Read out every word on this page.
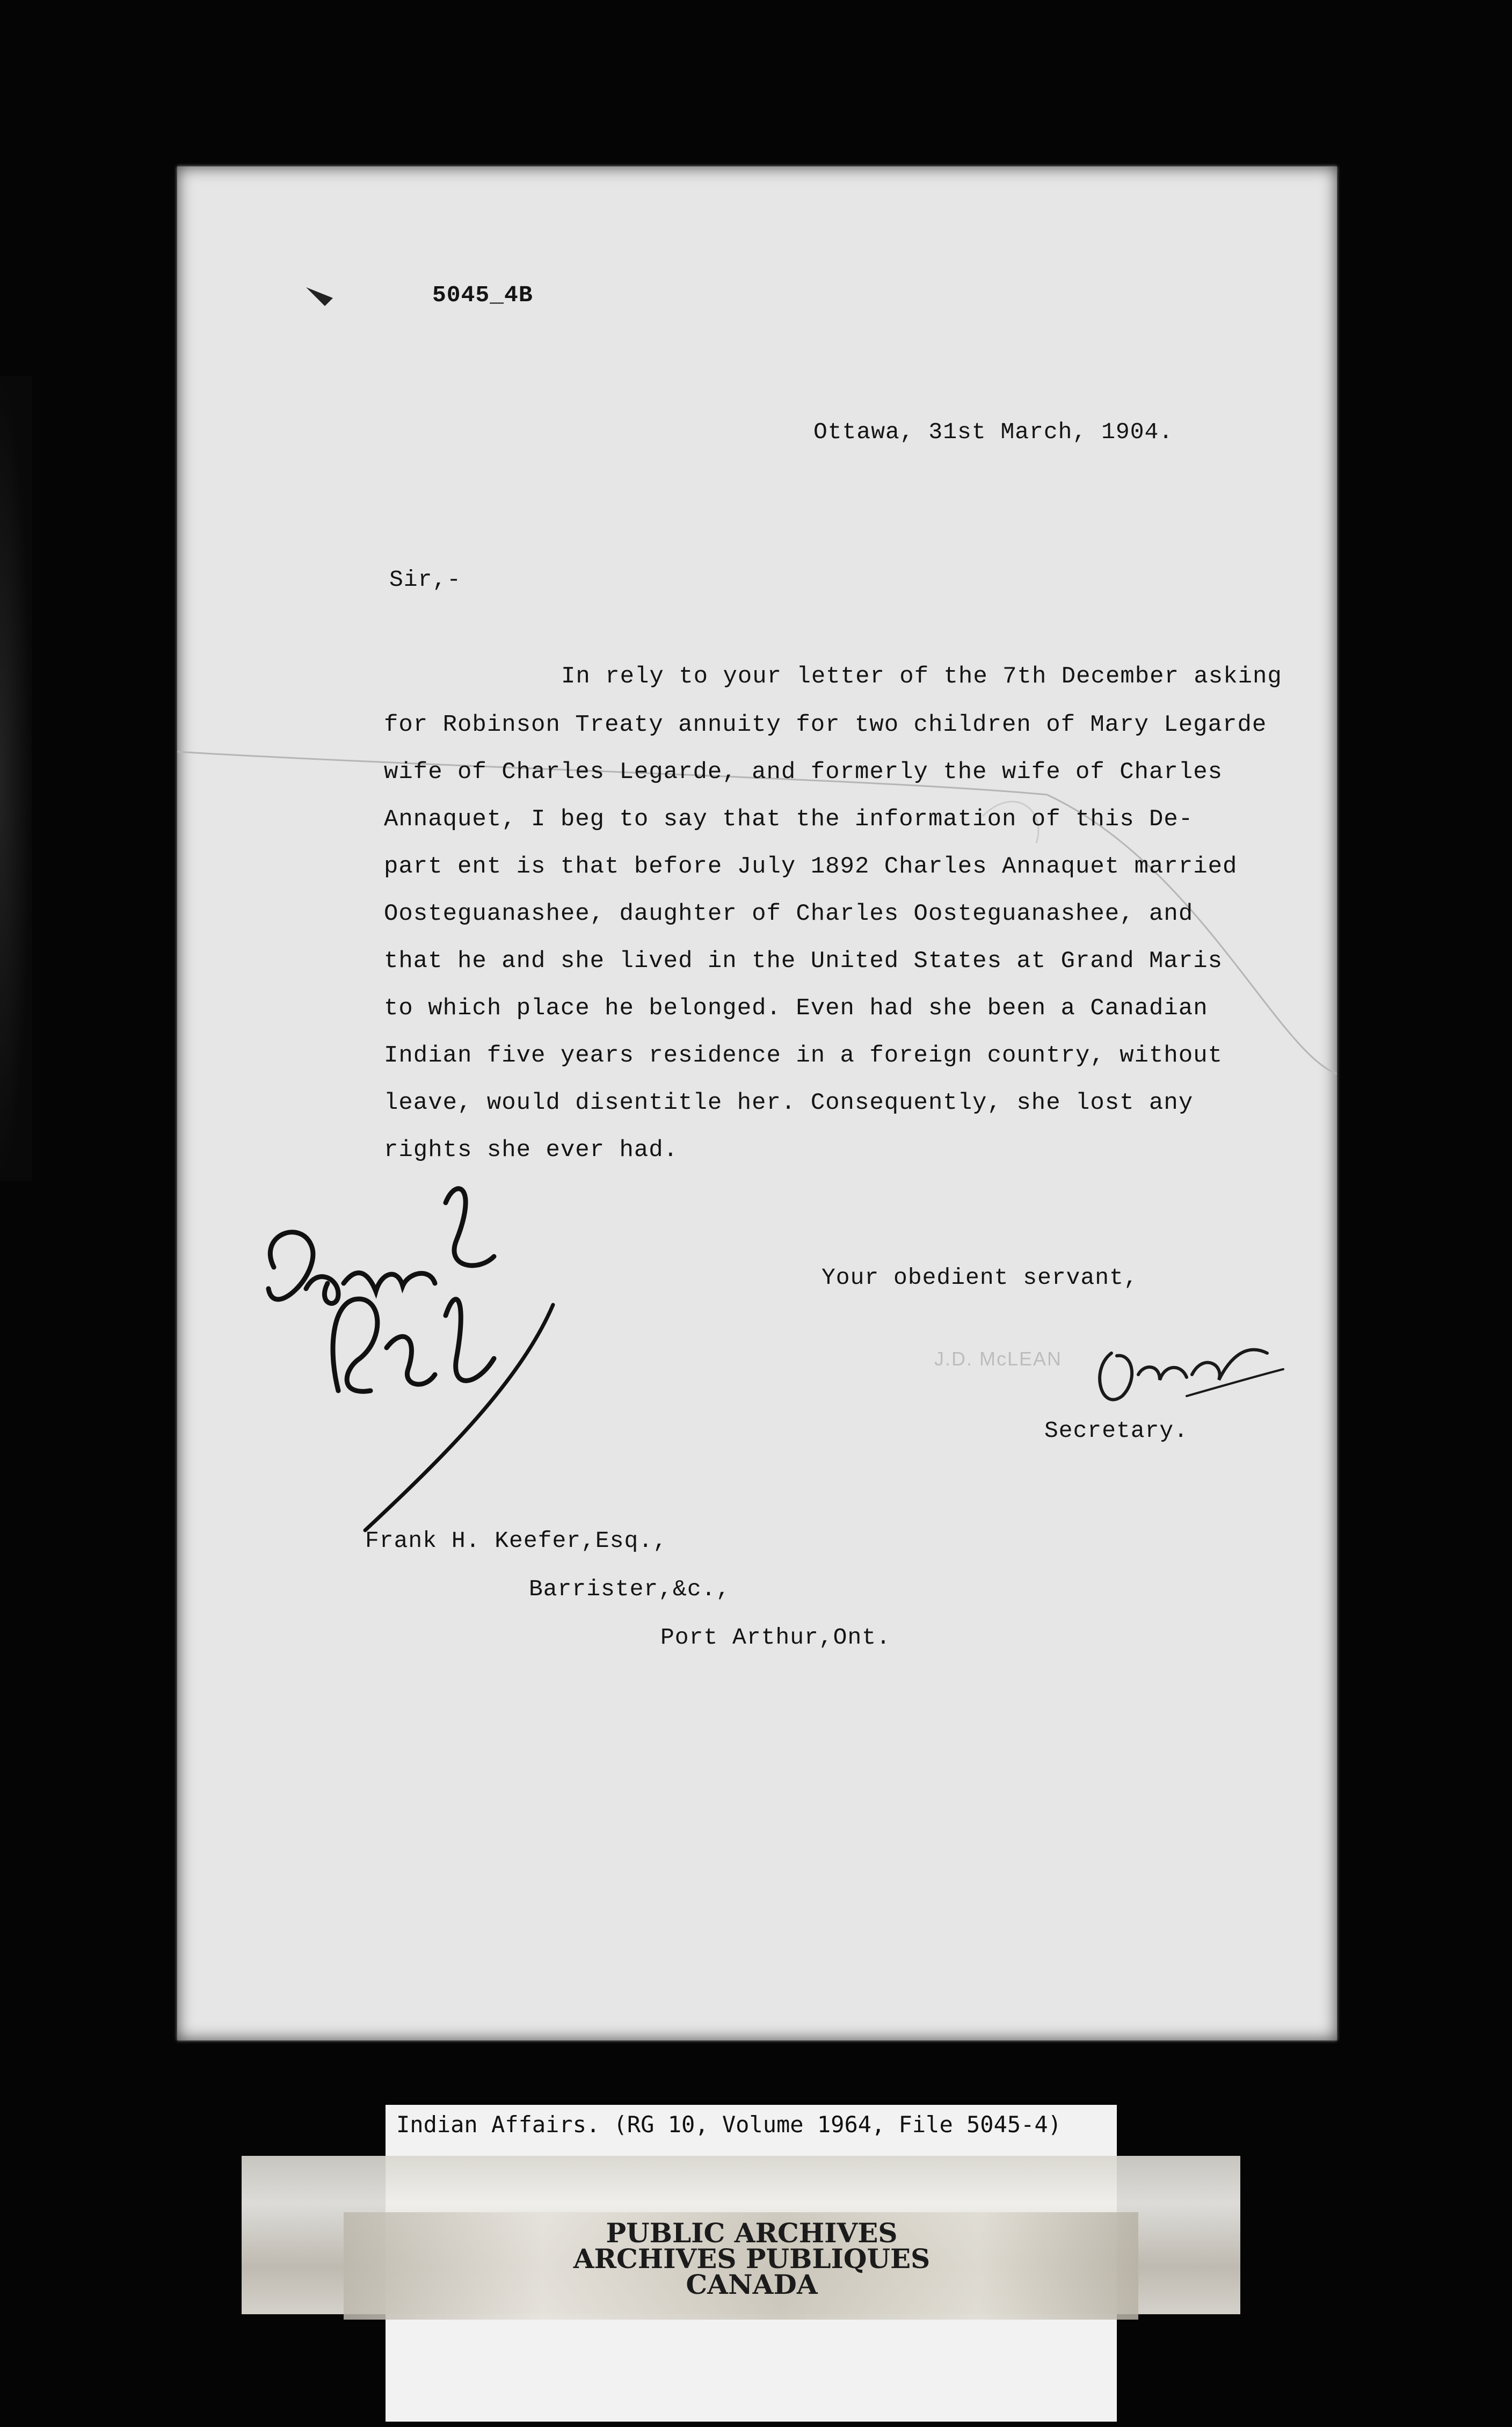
5045_4B
Ottawa, 31st March, 1904.
Sir,-
In rely to your letter of the 7th December asking
for Robinson Treaty annuity for two children of Mary Legarde
wife of Charles Legarde, and formerly the wife of Charles
Annaquet, I beg to say that the information of this De-
part ent is that before July 1892 Charles Annaquet married
Oosteguanashee, daughter of Charles Oosteguanashee, and
that he and she lived in the United States at Grand Maris
to which place he belonged. Even had she been a Canadian
Indian five years residence in a foreign country, without
leave, would disentitle her. Consequently, she lost any
rights she ever had.
Your obedient servant,
J.D. McLEAN
Secretary.
Frank H. Keefer,Esq.,
Barrister,&c.,
Port Arthur,Ont.
Indian Affairs. (RG 10, Volume 1964, File 5045-4)
PUBLIC ARCHIVES
ARCHIVES PUBLIQUES
CANADA
